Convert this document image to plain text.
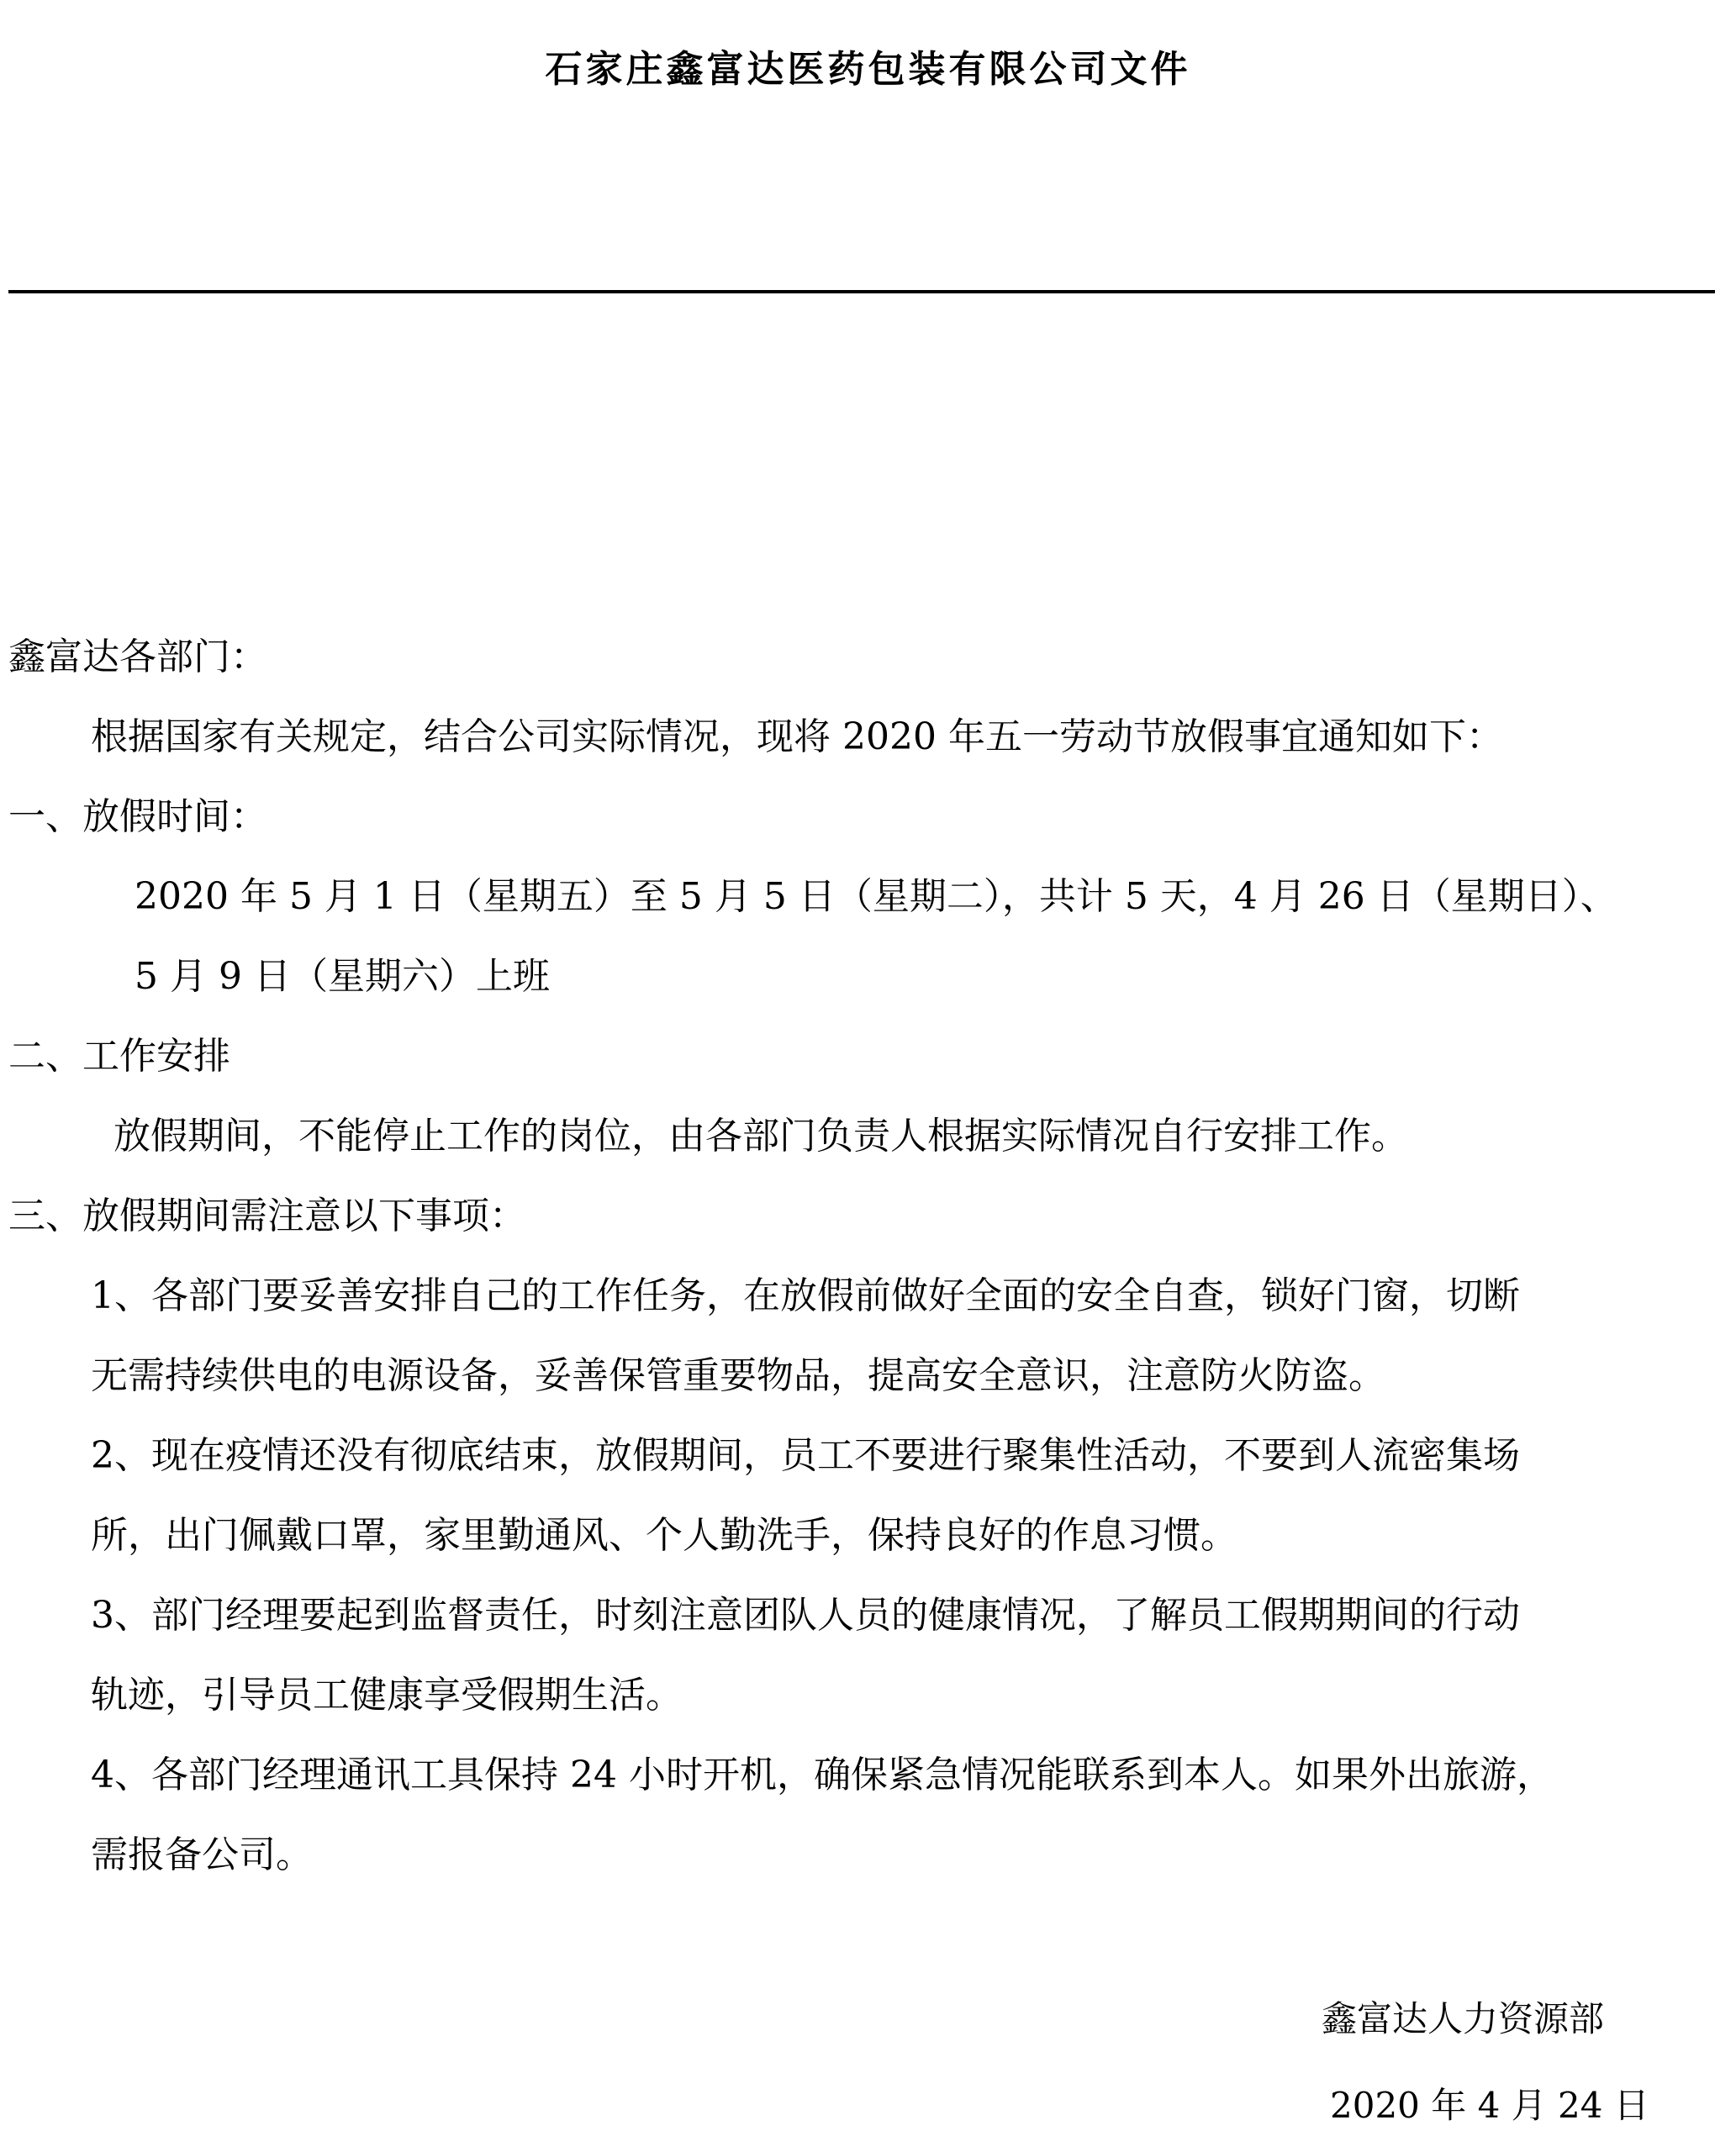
石家庄鑫富达医药包装有限公司文件
鑫富达各部门：
根据国家有关规定，结合公司实际情况，现将 2020 年五一劳动节放假事宜通知如下：
一、放假时间：
2020 年 5 月 1 日（星期五）至 5 月 5 日（星期二），共计 5 天，4 月 26 日（星期日）、
5 月 9 日（星期六）上班
二、工作安排
放假期间，不能停止工作的岗位，由各部门负责人根据实际情况自行安排工作。
三、放假期间需注意以下事项：
1、各部门要妥善安排自己的工作任务，在放假前做好全面的安全自查，锁好门窗，切断
无需持续供电的电源设备，妥善保管重要物品，提高安全意识，注意防火防盗。
2、现在疫情还没有彻底结束，放假期间，员工不要进行聚集性活动，不要到人流密集场
所，出门佩戴口罩，家里勤通风、个人勤洗手，保持良好的作息习惯。
3、部门经理要起到监督责任，时刻注意团队人员的健康情况，了解员工假期期间的行动
轨迹，引导员工健康享受假期生活。
4、各部门经理通讯工具保持 24 小时开机，确保紧急情况能联系到本人。如果外出旅游，
需报备公司。
鑫富达人力资源部
2020 年 4 月 24 日
